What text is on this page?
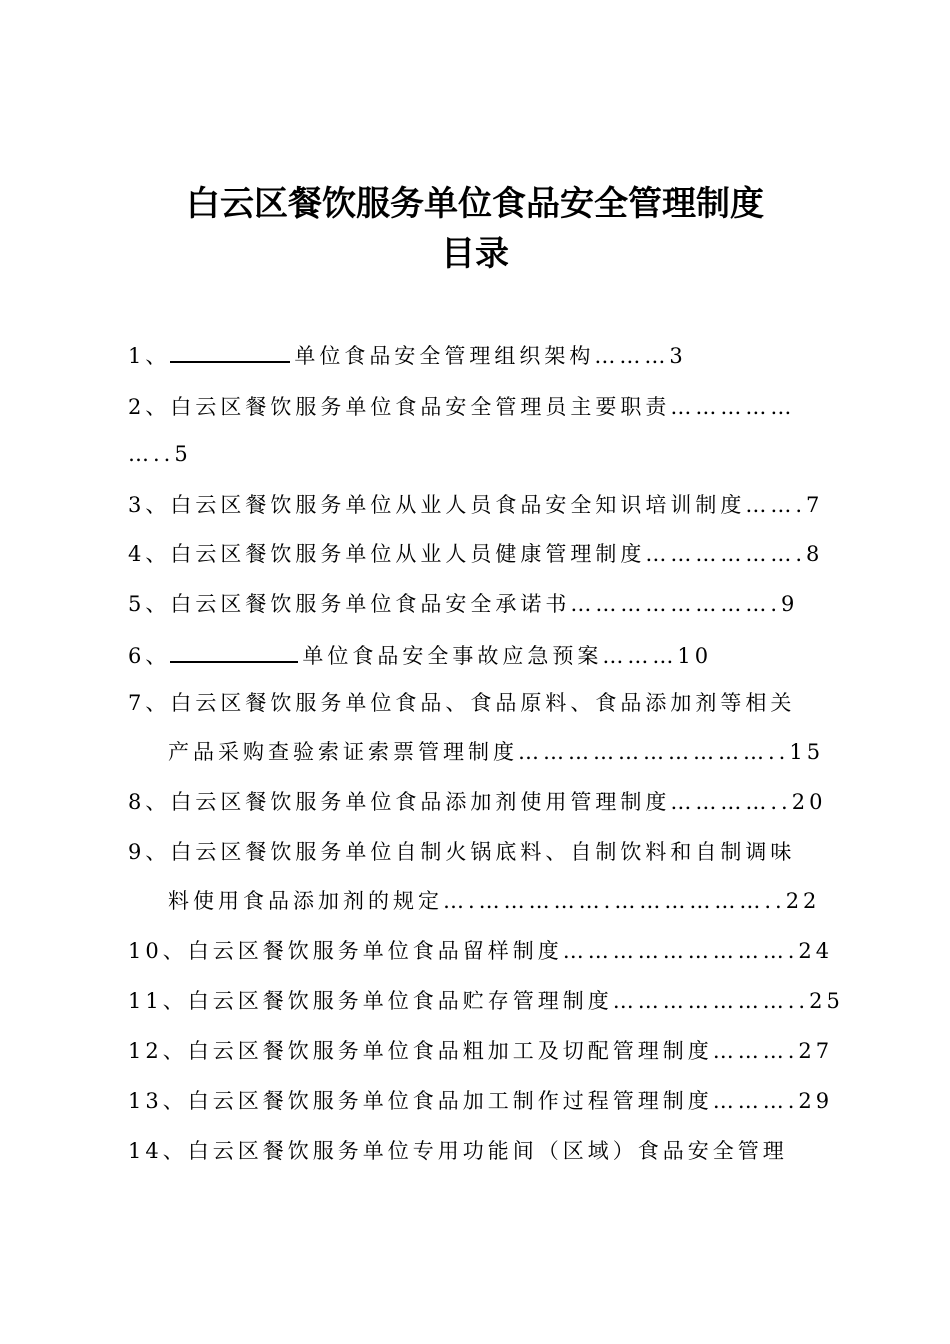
白云区餐饮服务单位食品安全管理制度
目录
1、	单位食品安全管理组织架构………3
2、白云区餐饮服务单位食品安全管理员主要职责……………
…..5
3、白云区餐饮服务单位从业人员食品安全知识培训制度…….7
4、白云区餐饮服务单位从业人员健康管理制度……………….8
5、白云区餐饮服务单位食品安全承诺书…………………….9
6、	单位食品安全事故应急预案………10
7、白云区餐饮服务单位食品、食品原料、食品添加剂等相关
产品采购查验索证索票管理制度…………………………..15
8、白云区餐饮服务单位食品添加剂使用管理制度…………..20
9、白云区餐饮服务单位自制火锅底料、自制饮料和自制调味
料使用食品添加剂的规定….…………….………………..22
10、白云区餐饮服务单位食品留样制度……………………….24
11、白云区餐饮服务单位食品贮存管理制度…………………..25
12、白云区餐饮服务单位食品粗加工及切配管理制度……….27
13、白云区餐饮服务单位食品加工制作过程管理制度……….29
14、白云区餐饮服务单位专用功能间（区域）食品安全管理
